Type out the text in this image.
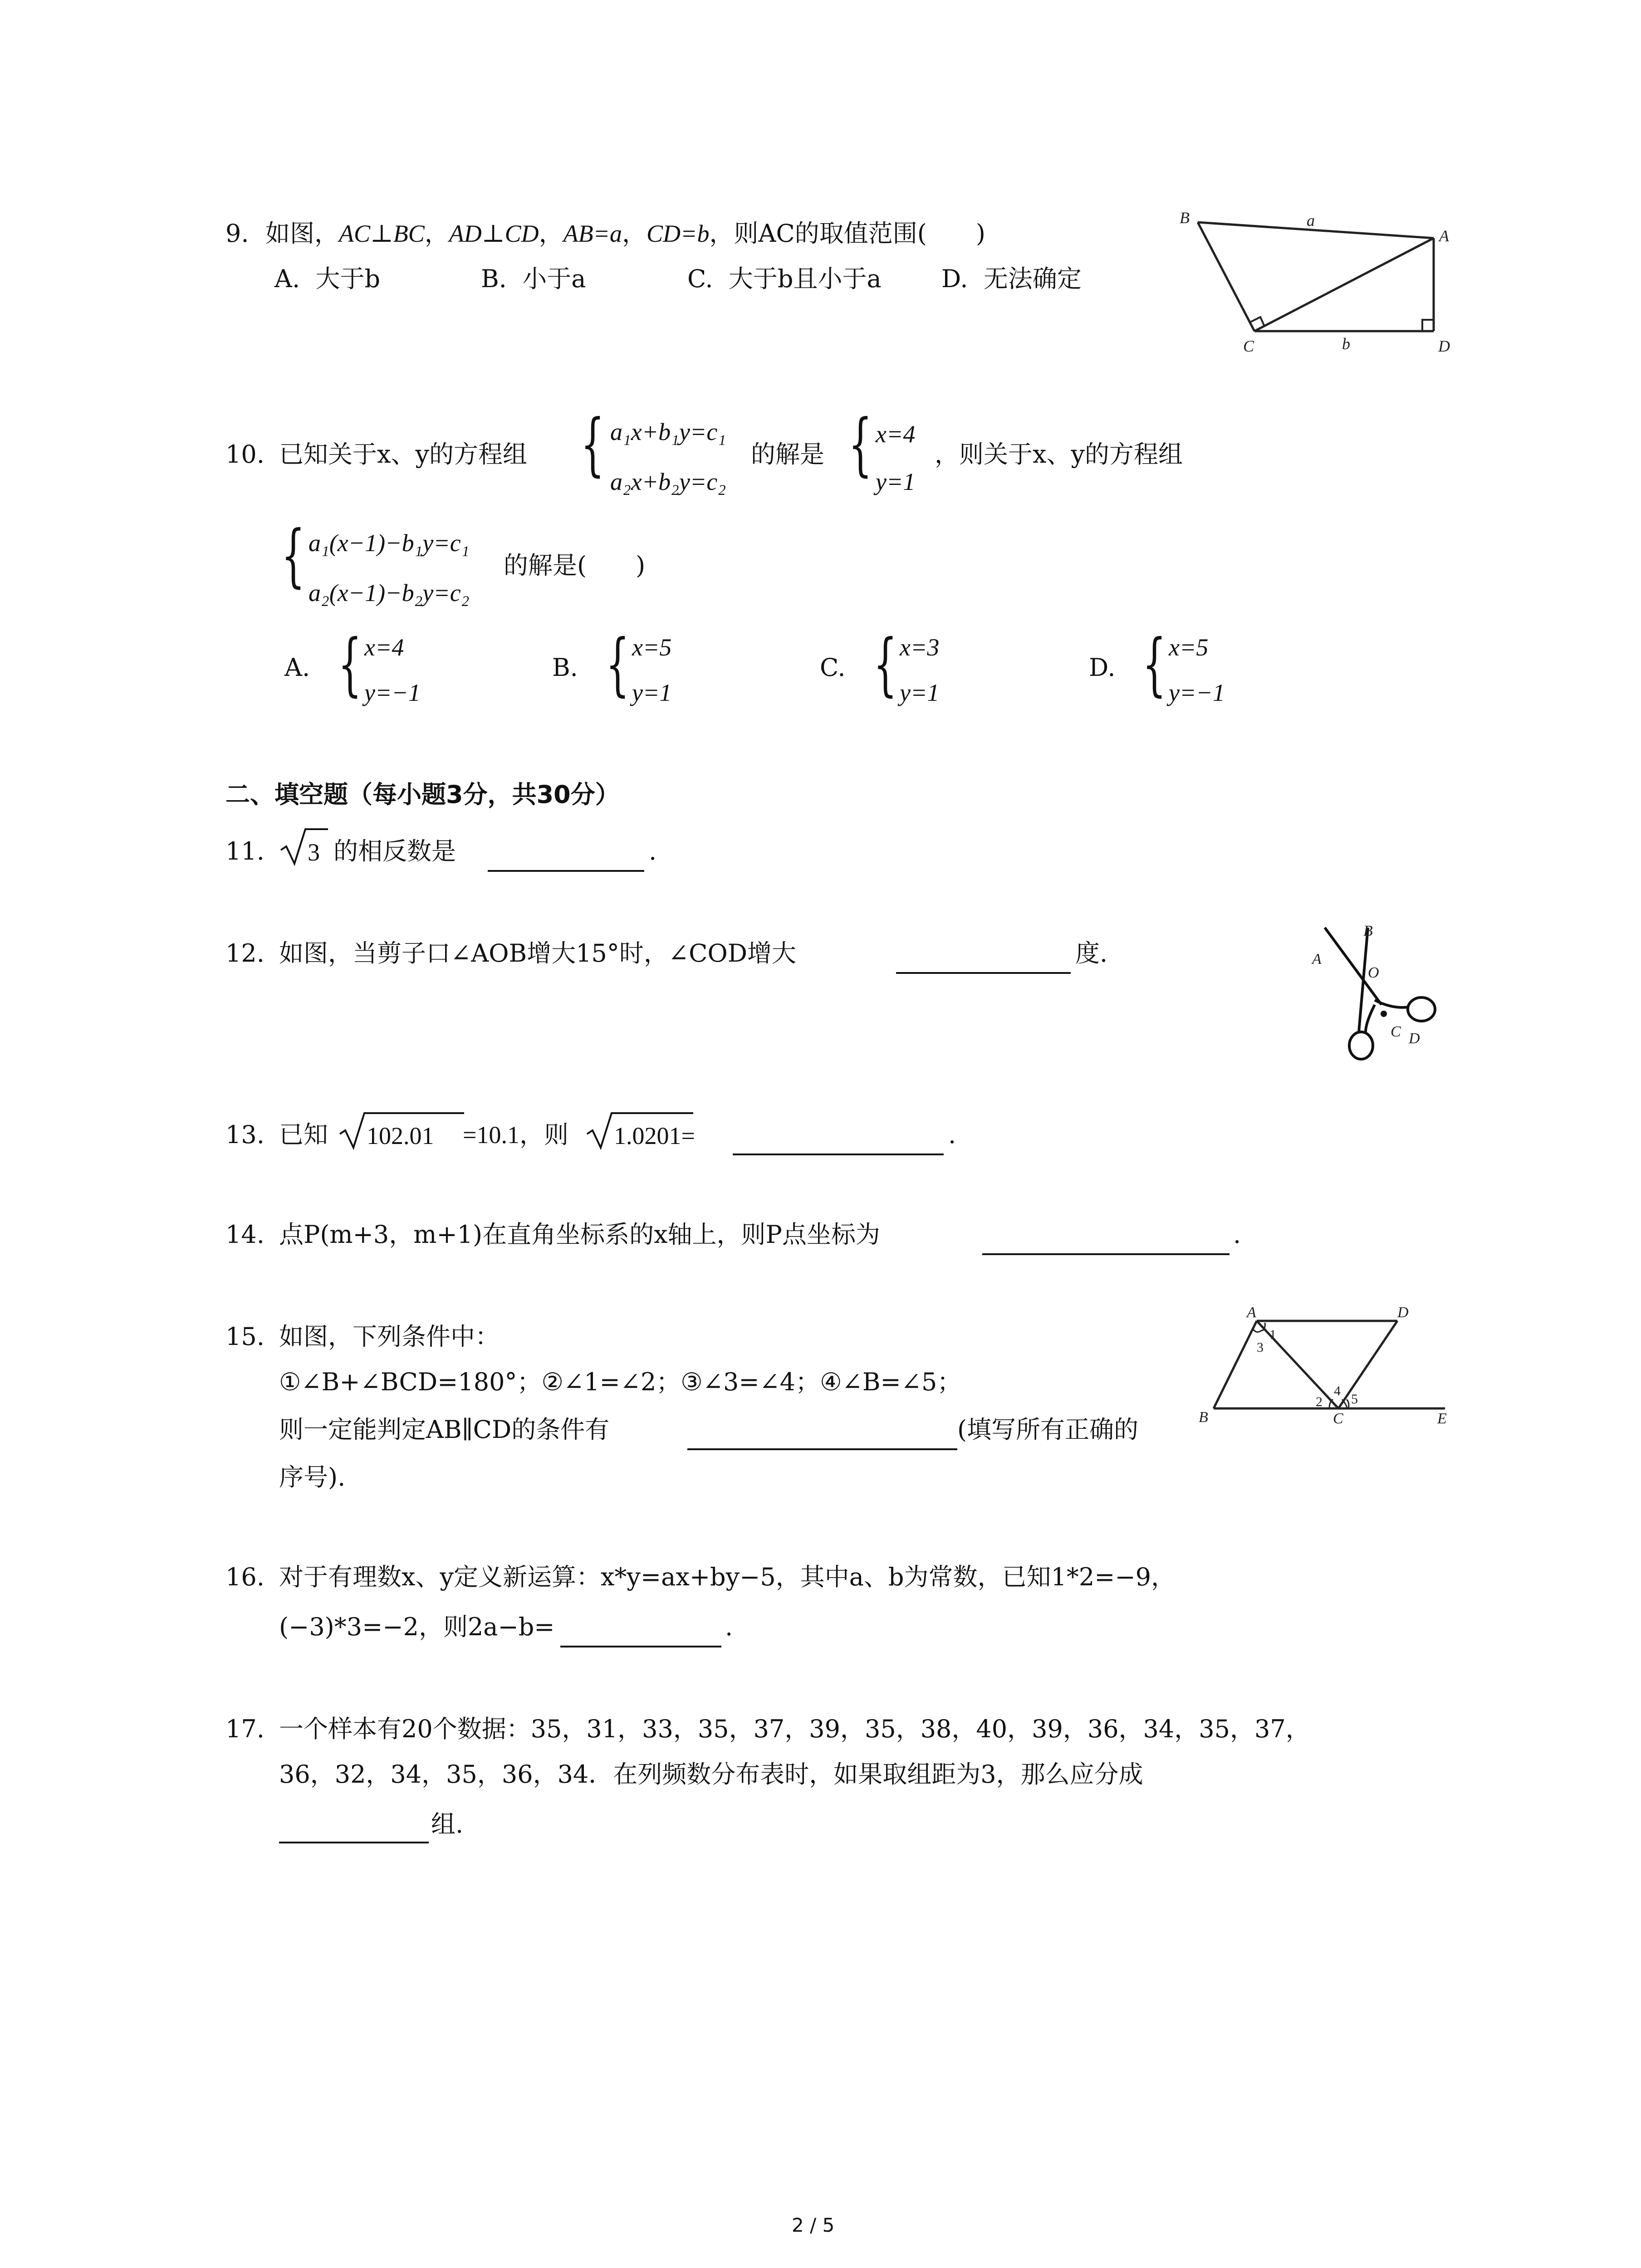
9. 如图，AC⊥BC，AD⊥CD，AB=a，CD=b，则AC的取值范围(　　)
A. 大于b	B. 小于a	C. 大于b且小于a D. 无法确定
B
A
C	D
a
b
10. 已知关于x、y的方程组 { a₁x+b₁y=c₁
a₂x+b₂y=c₂
的解是 { x=4
y=1
，则关于x、y的方程组
{ a₁(x−1)−b₁y=c₁
a₂(x−1)−b₂y=c₂
的解是(　　)
A. { x=4
y=−1
B. { x=5
y=1
C. { x=3
y=1
D. { x=5
y=−1
二、填空题（每小题3分，共30分）
11. 3 的相反数是	.
12. 如图，当剪子口∠AOB增大15°时，∠COD增大	度.	A
B
O
C D
13. 已知 102.01 =10.1，则 1.0201=	.
14. 点P(m+3，m+1)在直角坐标系的x轴上，则P点坐标为	.
15. 如图，下列条件中：
①∠B+∠BCD=180°；②∠1=∠2；③∠3=∠4；④∠B=∠5；
则一定能判定AB∥CD的条件有	(填写所有正确的
序号).
A	D
B	C	E
1
3
2
4
5
16. 对于有理数x、y定义新运算：x*y=ax+by−5，其中a、b为常数，已知1*2=−9，
(−3)*3=−2，则2a−b=	.
17. 一个样本有20个数据：35，31，33，35，37，39，35，38，40，39，36，34，35，37，
36，32，34，35，36，34．在列频数分布表时，如果取组距为3，那么应分成
组.
2 / 5
